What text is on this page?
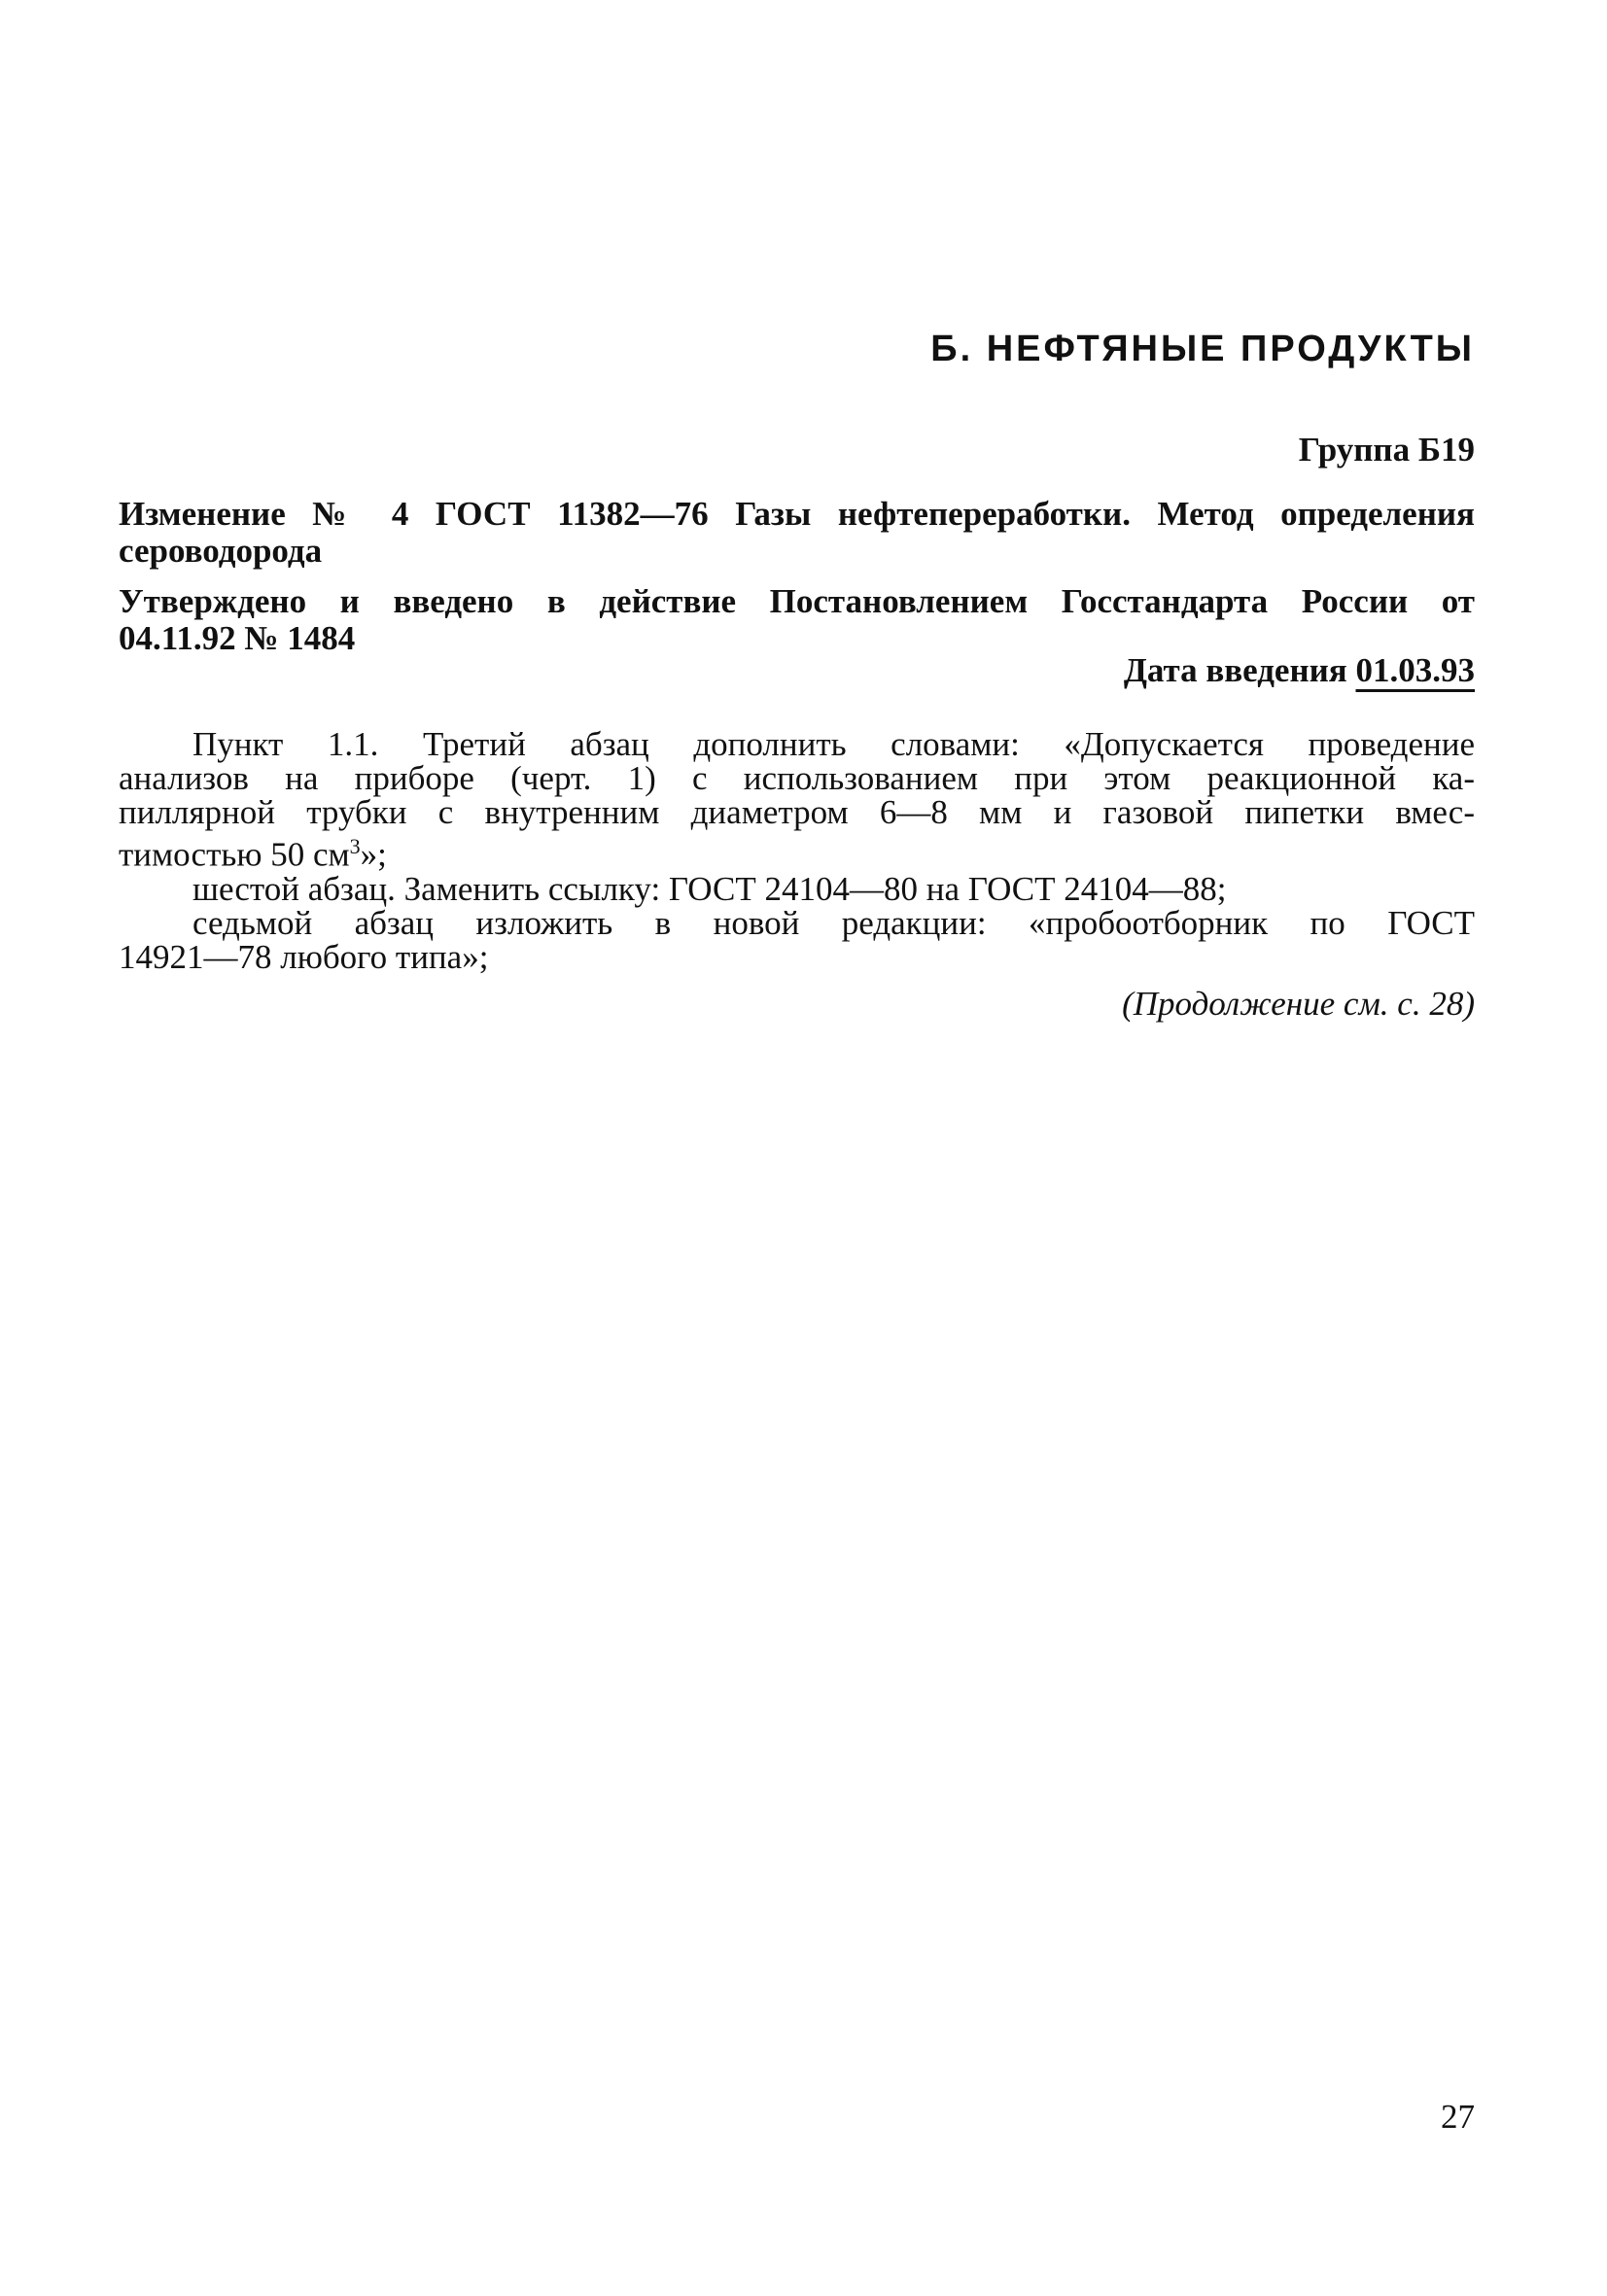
Б. НЕФТЯНЫЕ ПРОДУКТЫ
Группа Б19
Изменение № 4 ГОСТ 11382—76 Газы нефтепереработки. Метод определения
сероводорода
Утверждено и введено в действие Постановлением Госстандарта России от
04.11.92 № 1484
Дата введения 01.03.93
Пункт 1.1. Третий абзац дополнить словами: «Допускается проведение
анализов на приборе (черт. 1) с использованием при этом реакционной ка-
пиллярной трубки с внутренним диаметром 6—8 мм и газовой пипетки вмес-
тимостью 50 $см^3$»;
шестой абзац. Заменить ссылку: ГОСТ 24104—80 на ГОСТ 24104—88;
седьмой абзац изложить в новой редакции: «пробоотборник по ГОСТ
14921—78 любого типа»;
(Продолжение см. с. 28)
27
